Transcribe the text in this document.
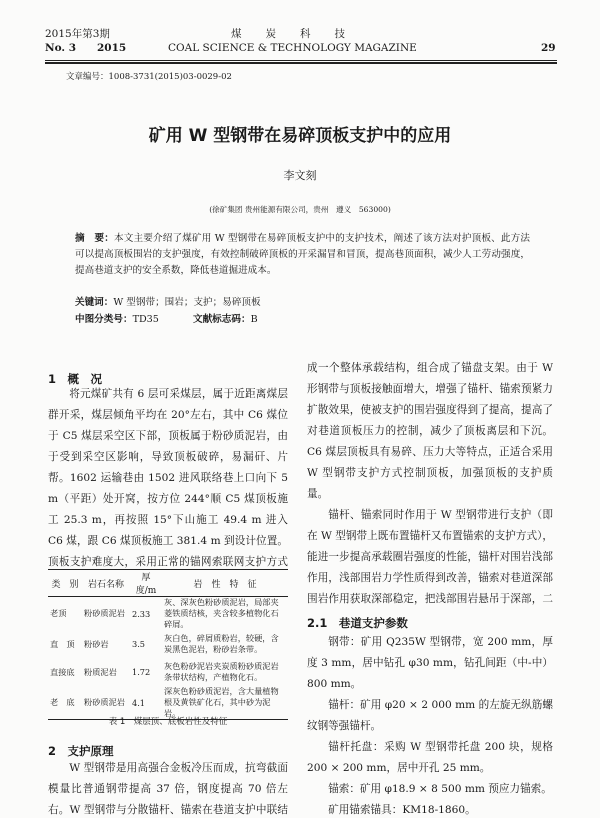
2015年第3期	煤　　炭　　科　　技
No. 3 2015	COAL SCIENCE & TECHNOLOGY MAGAZINE	29
文章编号：1008-3731(2015)03-0029-02
矿用 W 型钢带在易碎顶板支护中的应用
李文刻
(徐矿集团 贵州能源有限公司，贵州　遵义　563000)
摘　要：本文主要介绍了煤矿用 W 型钢带在易碎顶板支护中的支护技术，阐述了该方法对护顶板、此方法可以提高顶板围岩的支护强度，有效控制破碎顶板的开采漏冒和冒顶，提高巷顶面积，减少人工劳动强度，提高巷道支护的安全系数，降低巷道掘进成本。
关键词：W 型钢带；围岩；支护；易碎顶板
中图分类号：TD35	文献标志码：B
1　概　况

将元煤矿共有 6 层可采煤层，属于近距离煤层群开采，煤层倾角平均在 20°左右，其中 C6 煤位于 C5 煤层采空区下部，顶板属于粉砂质泥岩，由于受到采空区影响，导致顶板破碎，易漏矸、片帮。1602 运输巷由 1502 进风联络巷上口向下 5 m（平距）处开窝，按方位 244°顺 C5 煤顶板施工 25.3 m，再按照 15°下山施工 49.4 m 进入 C6 煤，跟 C6 煤顶板施工 381.4 m 到设计位置。顶板支护难度大，采用正常的锚网索联网支护方式

类　别	岩石名称	厚度/m	岩　性　特　征
老顶	粉砂质泥岩	2.33	灰、深灰色粉砂质泥岩，局部夹菱铁质结核，夹含较多植物化石碎屑。
直　顶	粉砂岩	3.5	灰白色，碎屑质粉岩，较硬，含炭黑色泥岩，粉砂岩条带。
直接底	粉质泥岩	1.72	灰色粉砂泥岩夹炭质粉砂质泥岩条带状结构，产植物化石。
老　底	粉砂质泥岩	4.1	深灰色粉砂质泥岩，含大量植物根及黄铁矿化石，其中砂为泥岩。
表 1　煤层顶、底板岩性及特征
2　支护原理

W 型钢带是用高强合金板冷压而成，抗弯截面模量比普通钢带提高 37 倍，钢度提高 70 倍左右。W 型钢带与分散锚杆、锚索在巷道支护中联结

成一个整体承载结构，组合成了锚盘支架。由于 W 形钢带与顶板接触面增大，增强了锚杆、锚索预紧力扩散效果，使被支护的围岩强度得到了提高，提高了对巷道顶板压力的控制，减少了顶板离层和下沉。C6 煤层顶板具有易碎、压力大等特点，正适合采用 W 型钢带支护方式控制顶板，加强顶板的支护质量。

锚杆、锚索同时作用于 W 型钢带进行支护（即在 W 型钢带上既布置锚杆又布置锚索的支护方式），能进一步提高承载圈岩强度的性能，锚杆对围岩浅部作用，浅部围岩力学性质得到改善，锚索对巷道深部围岩作用获取深部稳定，把浅部围岩悬吊于深部，二

2.1　巷道支护参数

钢带：矿用 Q235W 型钢带，宽 200 mm，厚度 3 mm，居中钻孔 φ30 mm，钻孔间距（中-中）800 mm。

锚杆：矿用 φ20 × 2 000 mm 的左旋无纵筋螺纹钢等强锚杆。

锚杆托盘：采购 W 型钢带托盘 200 块，规格 200 × 200 mm，居中开孔 25 mm。

锚索：矿用 φ18.9 × 8 500 mm 预应力锚索。

矿用锚索锚具：KM18-1860。
